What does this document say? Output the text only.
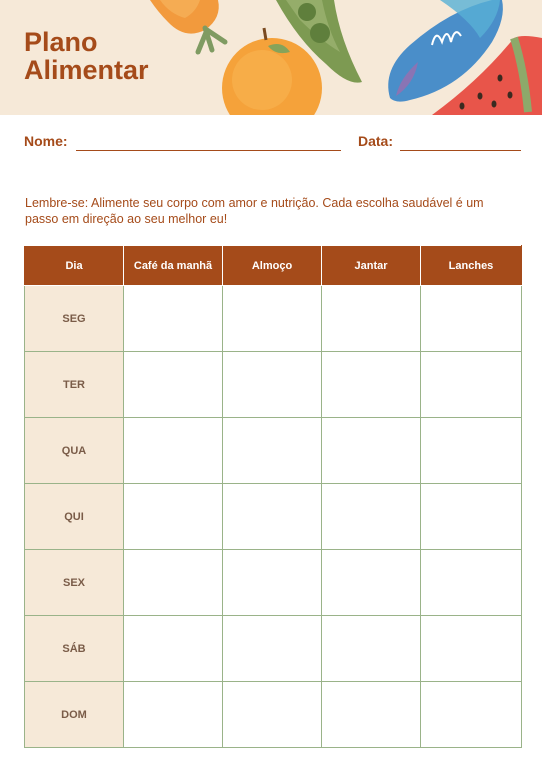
Plano
Alimentar
Nome:	Data:

Lembre-se: Alimente seu corpo com amor e nutrição. Cada escolha saudável é um passo em direção ao seu melhor eu!

Dia	Café da manhã	Almoço	Jantar	Lanches
SEG				
TER				
QUA				
QUI				
SEX				
SÁB				
DOM				
